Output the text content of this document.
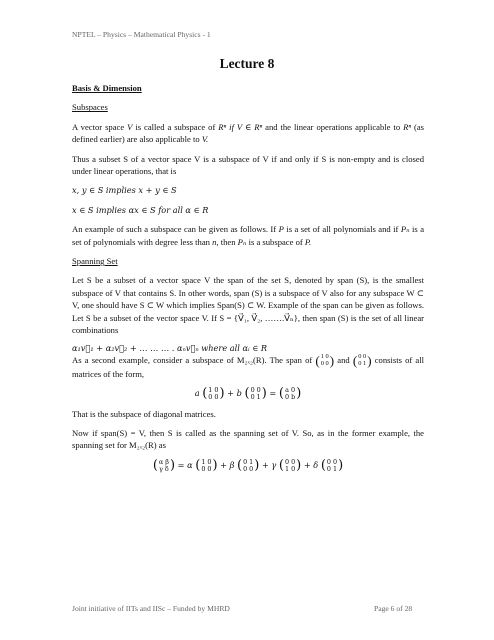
NPTEL – Physics – Mathematical Physics - 1
Lecture 8

Basis & Dimension

Subspaces

A vector space V is called a subspace of Rⁿ if V ∈ Rⁿ and the linear operations applicable to Rⁿ (as defined earlier) are also applicable to V.

Thus a subset S of a vector space V is a subspace of V if and only if S is non-empty and is closed under linear operations, that is

x, y ∈ S implies x + y ∈ S

x ∈ S implies αx ∈ S for all α ∈ R

An example of such a subspace can be given as follows. If P is a set of all polynomials and if Pₙ is a set of polynomials with degree less than n, then Pₙ is a subspace of P.

Spanning Set

Let S be a subset of a vector space V the span of the set S, denoted by span (S), is the smallest subspace of V that contains S. In other words, span (S) is a subspace of V also for any subspace W ⊂ V, one should have S ⊂ W which implies Span(S) ⊂ W. Example of the span can be given as follows. Let S be a subset of the vector space V. If S = {V⃗₁, V⃗₂, …….V⃗ₙ}, then span (S) is the set of all linear combinations

α₁v⃗₁ + α₂v⃗₂ + … … … . αₙv⃗ₙ where all αᵢ ∈ R

As a second example, consider a subspace of M₂ₓ₂(R). The span of (1 0
0 0) and (0 0
0 1) consists of all matrices of the form,

a (1 0
0 0) + b (0 0
0 1) = (a 0
0 b)

That is the subspace of diagonal matrices.

Now if span(S) = V, then S is called as the spanning set of V. So, as in the former example, the spanning set for M₂ₓ₂(R) as

(α β
γ δ) = α (1 0
0 0) + β (0 1
0 0) + γ (0 0
1 0) + δ (0 0
0 1)

Joint initiative of IITs and IISc – Funded by MHRD	Page 6 of 28
